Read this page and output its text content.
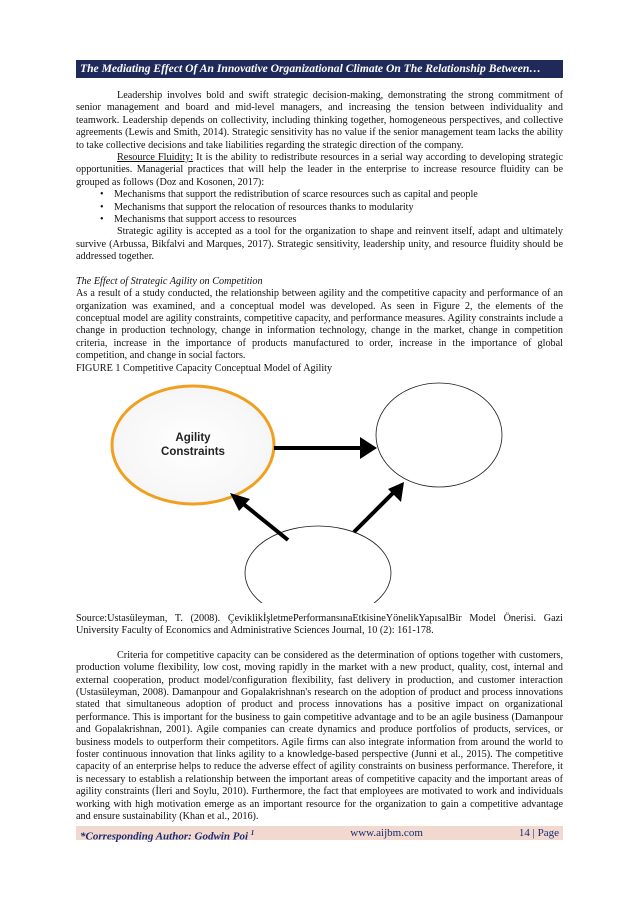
The Mediating Effect Of An Innovative Organizational Climate On The Relationship Between…

Leadership involves bold and swift strategic decision-making, demonstrating the strong commitment of senior management and board and mid-level managers, and increasing the tension between individuality and teamwork. Leadership depends on collectivity, including thinking together, homogeneous perspectives, and collective agreements (Lewis and Smith, 2014). Strategic sensitivity has no value if the senior management team lacks the ability to take collective decisions and take liabilities regarding the strategic direction of the company.

Resource Fluidity: It is the ability to redistribute resources in a serial way according to developing strategic opportunities. Managerial practices that will help the leader in the enterprise to increase resource fluidity can be grouped as follows (Doz and Kosonen, 2017):

• Mechanisms that support the redistribution of scarce resources such as capital and people
• Mechanisms that support the relocation of resources thanks to modularity
• Mechanisms that support access to resources

Strategic agility is accepted as a tool for the organization to shape and reinvent itself, adapt and ultimately survive (Arbussa, Bikfalvi and Marques, 2017). Strategic sensitivity, leadership unity, and resource fluidity should be addressed together.

The Effect of Strategic Agility on Competition

As a result of a study conducted, the relationship between agility and the competitive capacity and performance of an organization was examined, and a conceptual model was developed. As seen in Figure 2, the elements of the conceptual model are agility constraints, competitive capacity, and performance measures. Agility constraints include a change in production technology, change in information technology, change in the market, change in competition criteria, increase in the importance of products manufactured to order, increase in the importance of global competition, and change in social factors.

FIGURE 1 Competitive Capacity Conceptual Model of Agility

Agility
Constraints

Source:Ustasüleyman, T. (2008). ÇeviklikİşletmePerformansınaEtkisineYönelikYapısalBir Model Önerisi. Gazi University Faculty of Economics and Administrative Sciences Journal, 10 (2): 161-178.

Criteria for competitive capacity can be considered as the determination of options together with customers, production volume flexibility, low cost, moving rapidly in the market with a new product, quality, cost, internal and external cooperation, product model/configuration flexibility, fast delivery in production, and customer interaction (Ustasüleyman, 2008). Damanpour and Gopalakrishnan's research on the adoption of product and process innovations stated that simultaneous adoption of product and process innovations has a positive impact on organizational performance. This is important for the business to gain competitive advantage and to be an agile business (Damanpour and Gopalakrishnan, 2001). Agile companies can create dynamics and produce portfolios of products, services, or business models to outperform their competitors. Agile firms can also integrate information from around the world to foster continuous innovation that links agility to a knowledge-based perspective (Junni et al., 2015). The competitive capacity of an enterprise helps to reduce the adverse effect of agility constraints on business performance. Therefore, it is necessary to establish a relationship between the important areas of competitive capacity and the important areas of agility constraints (İleri and Soylu, 2010). Furthermore, the fact that employees are motivated to work and individuals working with high motivation emerge as an important resource for the organization to gain a competitive advantage and ensure sustainability (Khan et al., 2016).

*Corresponding Author: Godwin Poi $^1$	www.aijbm.com	14 | Page
